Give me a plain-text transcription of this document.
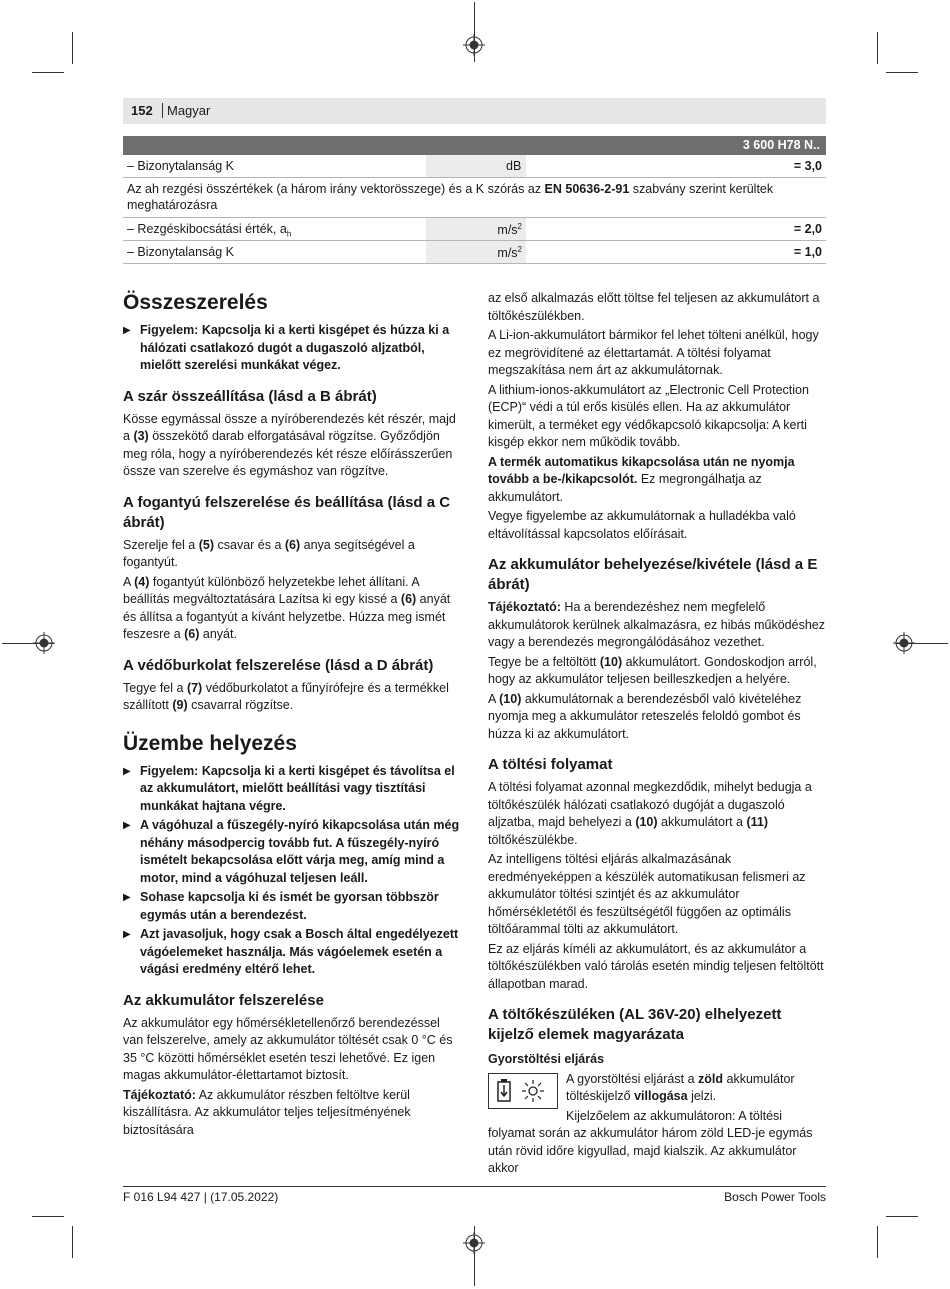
152	Magyar
3 600 H78 N..
– Bizonytalanság K	dB	= 3,0
Az ah rezgési összértékek (a három irány vektorösszege) és a K szórás az EN 50636-2-91 szabvány szerint kerültek meghatározásra
– Rezgéskibocsátási érték, $a_h$	$m/s^2$	= 2,0
– Bizonytalanság K	$m/s^2$	= 1,0
Összeszerelés

▶ Figyelem: Kapcsolja ki a kerti kisgépet és húzza ki a hálózati csatlakozó dugót a dugaszoló aljzatból, mielőtt szerelési munkákat végez.

A szár összeállítása (lásd a B ábrát)

Kösse egymással össze a nyíróberendezés két részér, majd a (3) összekötő darab elforgatásával rögzítse. Győződjön meg róla, hogy a nyíróberendezés két része előírásszerűen össze van szerelve és egymáshoz van rögzítve.

A fogantyú felszerelése és beállítása (lásd a C ábrát)

Szerelje fel a (5) csavar és a (6) anya segítségével a fogantyút.

A (4) fogantyút különböző helyzetekbe lehet állítani. A beállítás megváltoztatására Lazítsa ki egy kissé a (6) anyát és állítsa a fogantyút a kívánt helyzetbe. Húzza meg ismét feszesre a (6) anyát.

A védőburkolat felszerelése (lásd a D ábrát)

Tegye fel a (7) védőburkolatot a fűnyírófejre és a termékkel szállított (9) csavarral rögzítse.

Üzembe helyezés

▶ Figyelem: Kapcsolja ki a kerti kisgépet és távolítsa el az akkumulátort, mielőtt beállítási vagy tisztítási munkákat hajtana végre.

▶ A vágóhuzal a fűszegély-nyíró kikapcsolása után még néhány másodpercig tovább fut. A fűszegély-nyíró ismételt bekapcsolása előtt várja meg, amíg mind a motor, mind a vágóhuzal teljesen leáll.

▶ Sohase kapcsolja ki és ismét be gyorsan többször egymás után a berendezést.

▶ Azt javasoljuk, hogy csak a Bosch által engedélyezett vágóelemeket használja. Más vágóelemek esetén a vágási eredmény eltérő lehet.

Az akkumulátor felszerelése

Az akkumulátor egy hőmérsékletellenőrző berendezéssel van felszerelve, amely az akkumulátor töltését csak 0 °C és 35 °C közötti hőmérséklet esetén teszi lehetővé. Ez igen magas akkumulátor-élettartamot biztosít.

Tájékoztató: Az akkumulátor részben feltöltve kerül kiszállításra. Az akkumulátor teljes teljesítményének biztosítására

az első alkalmazás előtt töltse fel teljesen az akkumulátort a töltőkészülékben.

A Li-ion-akkumulátort bármikor fel lehet tölteni anélkül, hogy ez megrövidítené az élettartamát. A töltési folyamat megszakítása nem árt az akkumulátornak.

A lithium-ionos-akkumulátort az „Electronic Cell Protection (ECP)“ védi a túl erős kisülés ellen. Ha az akkumulátor kimerült, a terméket egy védőkapcsoló kikapcsolja: A kerti kisgép ekkor nem működik tovább.

A termék automatikus kikapcsolása után ne nyomja tovább a be-/kikapcsolót. Ez megrongálhatja az akkumulátort.

Vegye figyelembe az akkumulátornak a hulladékba való eltávolítással kapcsolatos előírásait.

Az akkumulátor behelyezése/kivétele (lásd a E ábrát)

Tájékoztató: Ha a berendezéshez nem megfelelő akkumulátorok kerülnek alkalmazásra, ez hibás működéshez vagy a berendezés megrongálódásához vezethet.

Tegye be a feltöltött (10) akkumulátort. Gondoskodjon arról, hogy az akkumulátor teljesen beilleszkedjen a helyére.

A (10) akkumulátornak a berendezésből való kivételéhez nyomja meg a akkumulátor reteszelés feloldó gombot és húzza ki az akkumulátort.

A töltési folyamat

A töltési folyamat azonnal megkezdődik, mihelyt bedugja a töltőkészülék hálózati csatlakozó dugóját a dugaszoló aljzatba, majd behelyezi a (10) akkumulátort a (11) töltőkészülékbe.

Az intelligens töltési eljárás alkalmazásának eredményeképpen a készülék automatikusan felismeri az akkumulátor töltési szintjét és az akkumulátor hőmérsékletétől és feszültségétől függően az optimális töltőárammal tölti az akkumulátort.

Ez az eljárás kíméli az akkumulátort, és az akkumulátor a töltőkészülékben való tárolás esetén mindig teljesen feltöltött állapotban marad.

A töltőkészüléken (AL 36V-20) elhelyezett kijelző elemek magyarázata
Gyorstöltési eljárás

A gyorstöltési eljárást a zöld akkumulátor töltéskijelző villogása jelzi.

Kijelzőelem az akkumulátoron: A töltési folyamat során az akkumulátor három zöld LED-je egymás után rövid időre kigyullad, majd kialszik. Az akkumulátor akkor

F 016 L94 427 | (17.05.2022)	Bosch Power Tools
